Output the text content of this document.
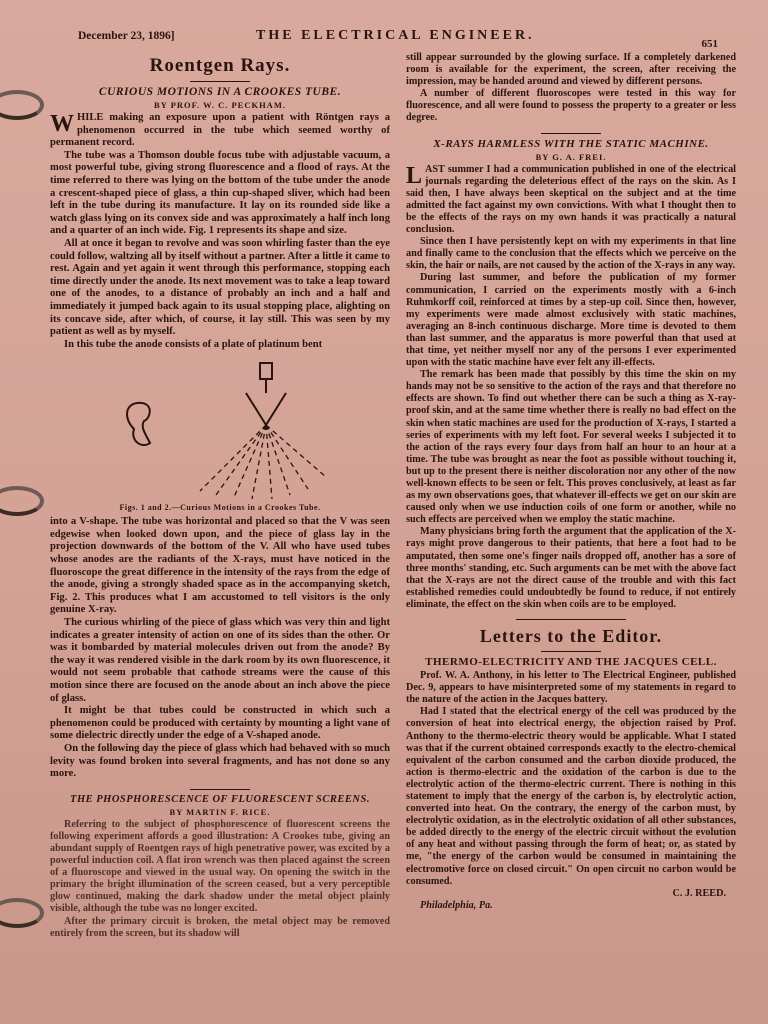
December 23, 1896]	THE ELECTRICAL ENGINEER.
651
Roentgen Rays.
CURIOUS MOTIONS IN A CROOKES TUBE.
BY PROF. W. C. PECKHAM.

WHILE making an exposure upon a patient with Röntgen rays a phenomenon occurred in the tube which seemed worthy of permanent record.

The tube was a Thomson double focus tube with adjustable vacuum, a most powerful tube, giving strong fluorescence and a flood of rays. At the time referred to there was lying on the bottom of the tube under the anode a crescent-shaped piece of glass, a thin cup-shaped sliver, which had been left in the tube during its manufacture. It lay on its rounded side like a watch glass lying on its convex side and was approximately a half inch long and a quarter of an inch wide. Fig. 1 represents its shape and size.

All at once it began to revolve and was soon whirling faster than the eye could follow, waltzing all by itself without a partner. After a little it came to rest. Again and yet again it went through this performance, stopping each time directly under the anode. Its next movement was to take a leap toward one of the anodes, to a distance of probably an inch and a half and immediately it jumped back again to its usual stopping place, alighting on its concave side, after which, of course, it lay still. This was seen by my patient as well as by myself.

In this tube the anode consists of a plate of platinum bent

Figs. 1 and 2.—Curious Motions in a Crookes Tube.

into a V-shape. The tube was horizontal and placed so that the V was seen edgewise when looked down upon, and the piece of glass lay in the projection downwards of the bottom of the V. All who have used tubes whose anodes are the radiants of the X-rays, must have noticed in the fluoroscope the great difference in the intensity of the rays from the edge of the anode, giving a strongly shaded space as in the accompanying sketch, Fig. 2. This produces what I am accustomed to tell visitors is the only genuine X-ray.

The curious whirling of the piece of glass which was very thin and light indicates a greater intensity of action on one of its sides than the other. Or was it bombarded by material molecules driven out from the anode? By the way it was rendered visible in the dark room by its own fluorescence, it would not seem probable that cathode streams were the cause of this motion since there are focused on the anode about an inch above the piece of glass.

It might be that tubes could be constructed in which such a phenomenon could be produced with certainty by mounting a light vane of some dielectric directly under the edge of a V-shaped anode.

On the following day the piece of glass which had behaved with so much levity was found broken into several fragments, and has not done so any more.

THE PHOSPHORESCENCE OF FLUORESCENT SCREENS.
BY MARTIN F. RICE.

Referring to the subject of phosphorescence of fluorescent screens the following experiment affords a good illustration: A Crookes tube, giving an abundant supply of Roentgen rays of high penetrative power, was excited by a powerful induction coil. A flat iron wrench was then placed against the screen of a fluoroscope and viewed in the usual way. On opening the switch in the primary the bright illumination of the screen ceased, but a very perceptible glow continued, making the dark shadow under the metal object plainly visible, although the tube was no longer excited.

After the primary circuit is broken, the metal object may be removed entirely from the screen, but its shadow will

still appear surrounded by the glowing surface. If a completely darkened room is available for the experiment, the screen, after receiving the impression, may be handed around and viewed by different persons.

A number of different fluoroscopes were tested in this way for fluorescence, and all were found to possess the property to a greater or less degree.

X-RAYS HARMLESS WITH THE STATIC MACHINE.
BY G. A. FREI.

LAST summer I had a communication published in one of the electrical journals regarding the deleterious effect of the rays on the skin. As I said then, I have always been skeptical on the subject and at the time admitted the fact against my own convictions. With what I thought then to be the effects of the rays on my own hands it was practically a natural conclusion.

Since then I have persistently kept on with my experiments in that line and finally came to the conclusion that the effects which we perceive on the skin, the hair or nails, are not caused by the action of the X-rays in any way.

During last summer, and before the publication of my former communication, I carried on the experiments mostly with a 6-inch Ruhmkorff coil, reinforced at times by a step-up coil. Since then, however, my experiments were made almost exclusively with static machines, averaging an 8-inch continuous discharge. More time is devoted to them than last summer, and the apparatus is more powerful than that used at that time, yet neither myself nor any of the persons I ever experimented upon with the static machine have ever felt any ill-effects.

The remark has been made that possibly by this time the skin on my hands may not be so sensitive to the action of the rays and that therefore no effects are shown. To find out whether there can be such a thing as X-ray-proof skin, and at the same time whether there is really no bad effect on the skin when static machines are used for the production of X-rays, I started a series of experiments with my left foot. For several weeks I subjected it to the action of the rays every four days from half an hour to an hour at a time. The tube was brought as near the foot as possible without touching it, but up to the present there is neither discoloration nor any other of the now well-known effects to be seen or felt. This proves conclusively, at least as far as my own observations goes, that whatever ill-effects we get on our skin are caused only when we use induction coils of one form or another, while no such effects are perceived when we employ the static machine.

Many physicians bring forth the argument that the application of the X-rays might prove dangerous to their patients, that here a foot had to be amputated, then some one's finger nails dropped off, another has a sore of three months' standing, etc. Such arguments can be met with the above fact that the X-rays are not the direct cause of the trouble and with this fact established remedies could undoubtedly be found to reduce, if not entirely eliminate, the effect on the skin when coils are to be employed.

Letters to the Editor.
THERMO-ELECTRICITY AND THE JACQUES CELL.

Prof. W. A. Anthony, in his letter to The Electrical Engineer, published Dec. 9, appears to have misinterpreted some of my statements in regard to the nature of the action in the Jacques battery.

Had I stated that the electrical energy of the cell was produced by the conversion of heat into electrical energy, the objection raised by Prof. Anthony to the thermo-electric theory would be applicable. What I stated was that if the current obtained corresponds exactly to the electro-chemical equivalent of the carbon consumed and the carbon dioxide produced, the action is thermo-electric and the oxidation of the carbon is due to the electrolytic action of the thermo-electric current. There is nothing in this statement to imply that the energy of the carbon is, by electrolytic action, converted into heat. On the contrary, the energy of the carbon must, by electrolytic oxidation, as in the electrolytic oxidation of all other substances, be added directly to the energy of the electric circuit without the evolution of any heat and without passing through the form of heat; or, as stated by me, "the energy of the carbon would be consumed in maintaining the electromotive force on closed circuit." On open circuit no carbon would be consumed.

C. J. REED.

Philadelphia, Pa.
